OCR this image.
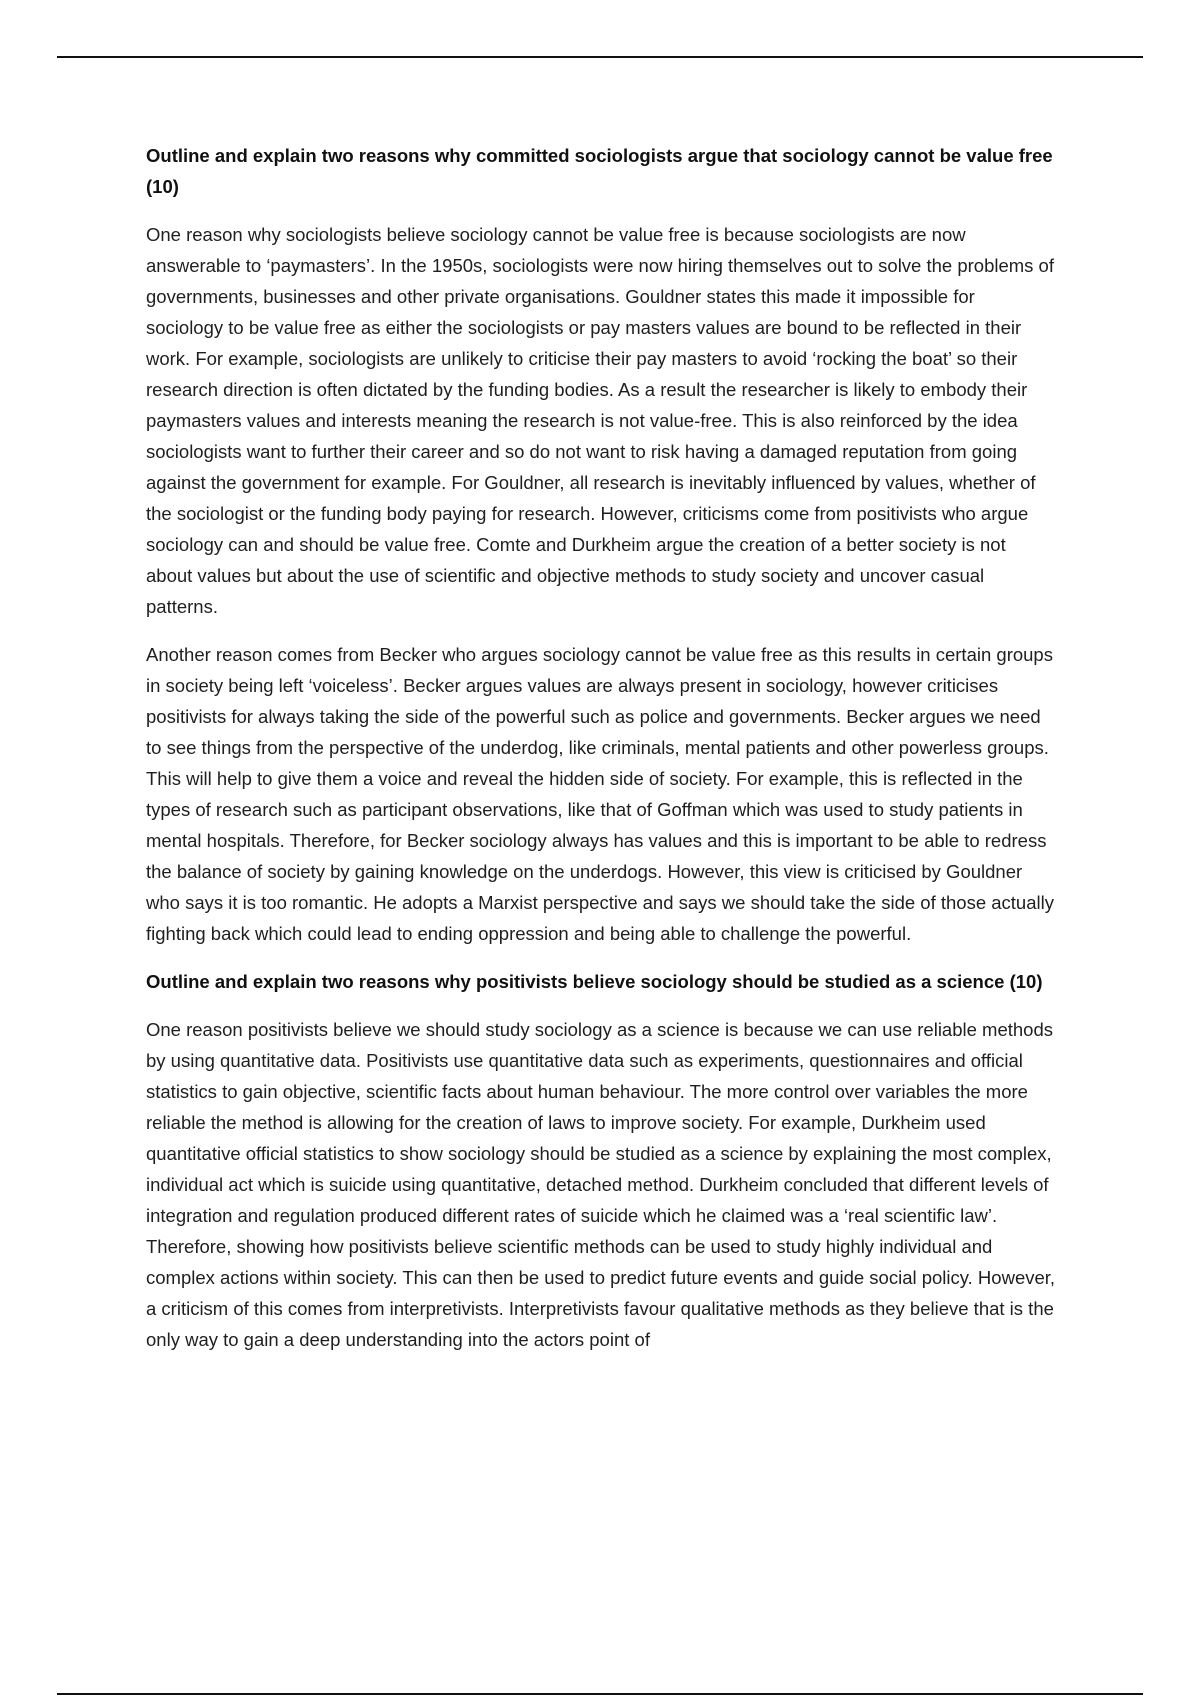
Outline and explain two reasons why committed sociologists argue that sociology cannot be value free (10)

One reason why sociologists believe sociology cannot be value free is because sociologists are now answerable to ‘paymasters’. In the 1950s, sociologists were now hiring themselves out to solve the problems of governments, businesses and other private organisations. Gouldner states this made it impossible for sociology to be value free as either the sociologists or pay masters values are bound to be reflected in their work. For example, sociologists are unlikely to criticise their pay masters to avoid ‘rocking the boat’ so their research direction is often dictated by the funding bodies. As a result the researcher is likely to embody their paymasters values and interests meaning the research is not value-free. This is also reinforced by the idea sociologists want to further their career and so do not want to risk having a damaged reputation from going against the government for example. For Gouldner, all research is inevitably influenced by values, whether of the sociologist or the funding body paying for research. However, criticisms come from positivists who argue sociology can and should be value free. Comte and Durkheim argue the creation of a better society is not about values but about the use of scientific and objective methods to study society and uncover casual patterns.

Another reason comes from Becker who argues sociology cannot be value free as this results in certain groups in society being left ‘voiceless’. Becker argues values are always present in sociology, however criticises positivists for always taking the side of the powerful such as police and governments. Becker argues we need to see things from the perspective of the underdog, like criminals, mental patients and other powerless groups. This will help to give them a voice and reveal the hidden side of society. For example, this is reflected in the types of research such as participant observations, like that of Goffman which was used to study patients in mental hospitals. Therefore, for Becker sociology always has values and this is important to be able to redress the balance of society by gaining knowledge on the underdogs. However, this view is criticised by Gouldner who says it is too romantic. He adopts a Marxist perspective and says we should take the side of those actually fighting back which could lead to ending oppression and being able to challenge the powerful.

Outline and explain two reasons why positivists believe sociology should be studied as a science (10)

One reason positivists believe we should study sociology as a science is because we can use reliable methods by using quantitative data. Positivists use quantitative data such as experiments, questionnaires and official statistics to gain objective, scientific facts about human behaviour. The more control over variables the more reliable the method is allowing for the creation of laws to improve society. For example, Durkheim used quantitative official statistics to show sociology should be studied as a science by explaining the most complex, individual act which is suicide using quantitative, detached method. Durkheim concluded that different levels of integration and regulation produced different rates of suicide which he claimed was a ‘real scientific law’. Therefore, showing how positivists believe scientific methods can be used to study highly individual and complex actions within society. This can then be used to predict future events and guide social policy. However, a criticism of this comes from interpretivists. Interpretivists favour qualitative methods as they believe that is the only way to gain a deep understanding into the actors point of
